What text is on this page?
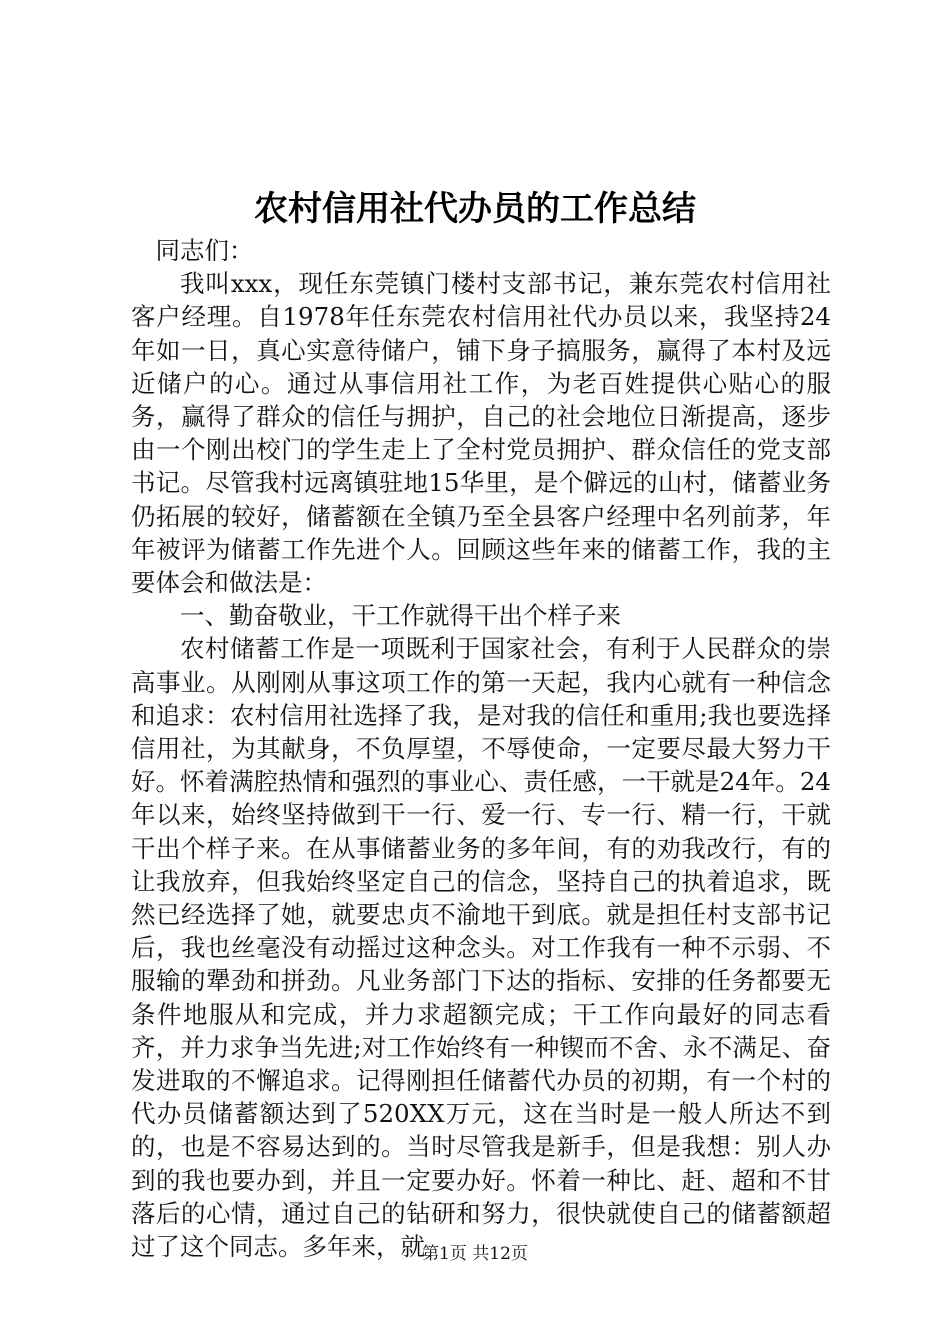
农村信用社代办员的工作总结

同志们：

我叫xxx，现任东莞镇门楼村支部书记，兼东莞农村信用社客户经理。自1978年任东莞农村信用社代办员以来，我坚持24年如一日，真心实意待储户，铺下身子搞服务，赢得了本村及远近储户的心。通过从事信用社工作，为老百姓提供心贴心的服务，赢得了群众的信任与拥护，自己的社会地位日渐提高，逐步由一个刚出校门的学生走上了全村党员拥护、群众信任的党支部书记。尽管我村远离镇驻地15华里，是个僻远的山村，储蓄业务仍拓展的较好，储蓄额在全镇乃至全县客户经理中名列前茅，年年被评为储蓄工作先进个人。回顾这些年来的储蓄工作，我的主要体会和做法是：

一、勤奋敬业，干工作就得干出个样子来

农村储蓄工作是一项既利于国家社会，有利于人民群众的崇高事业。从刚刚从事这项工作的第一天起，我内心就有一种信念和追求：农村信用社选择了我，是对我的信任和重用;我也要选择信用社，为其献身，不负厚望，不辱使命，一定要尽最大努力干好。怀着满腔热情和强烈的事业心、责任感，一干就是24年。24年以来，始终坚持做到干一行、爱一行、专一行、精一行，干就干出个样子来。在从事储蓄业务的多年间，有的劝我改行，有的让我放弃，但我始终坚定自己的信念，坚持自己的执着追求，既然已经选择了她，就要忠贞不渝地干到底。就是担任村支部书记后，我也丝毫没有动摇过这种念头。对工作我有一种不示弱、不服输的犟劲和拼劲。凡业务部门下达的指标、安排的任务都要无条件地服从和完成，并力求超额完成；干工作向最好的同志看齐，并力求争当先进;对工作始终有一种锲而不舍、永不满足、奋发进取的不懈追求。记得刚担任储蓄代办员的初期，有一个村的代办员储蓄额达到了520XX万元，这在当时是一般人所达不到的，也是不容易达到的。当时尽管我是新手，但是我想：别人办到的我也要办到，并且一定要办好。怀着一种比、赶、超和不甘落后的心情，通过自己的钻研和努力，很快就使自己的储蓄额超过了这个同志。多年来，就

第1页 共12页
